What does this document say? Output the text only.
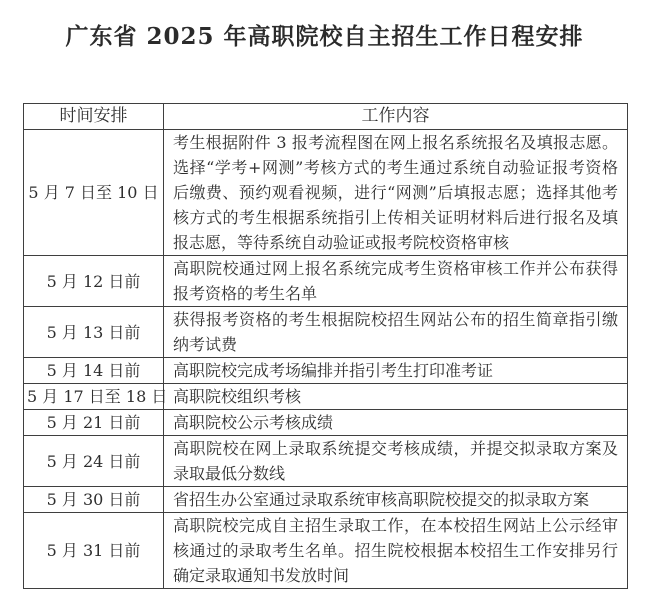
广东省 2025 年高职院校自主招生工作日程安排
时间安排	工作内容
5 月 7 日至 10 日	考生根据附件 3 报考流程图在网上报名系统报名及填报志愿。选择“学考+网测”考核方式的考生通过系统自动验证报考资格后缴费、预约观看视频，进行“网测”后填报志愿；选择其他考核方式的考生根据系统指引上传相关证明材料后进行报名及填报志愿，等待系统自动验证或报考院校资格审核
5 月 12 日前	高职院校通过网上报名系统完成考生资格审核工作并公布获得报考资格的考生名单
5 月 13 日前	获得报考资格的考生根据院校招生网站公布的招生简章指引缴纳考试费
5 月 14 日前	高职院校完成考场编排并指引考生打印准考证
5 月 17 日至 18 日	高职院校组织考核
5 月 21 日前	高职院校公示考核成绩
5 月 24 日前	高职院校在网上录取系统提交考核成绩，并提交拟录取方案及录取最低分数线
5 月 30 日前	省招生办公室通过录取系统审核高职院校提交的拟录取方案
5 月 31 日前	高职院校完成自主招生录取工作，在本校招生网站上公示经审核通过的录取考生名单。招生院校根据本校招生工作安排另行确定录取通知书发放时间
